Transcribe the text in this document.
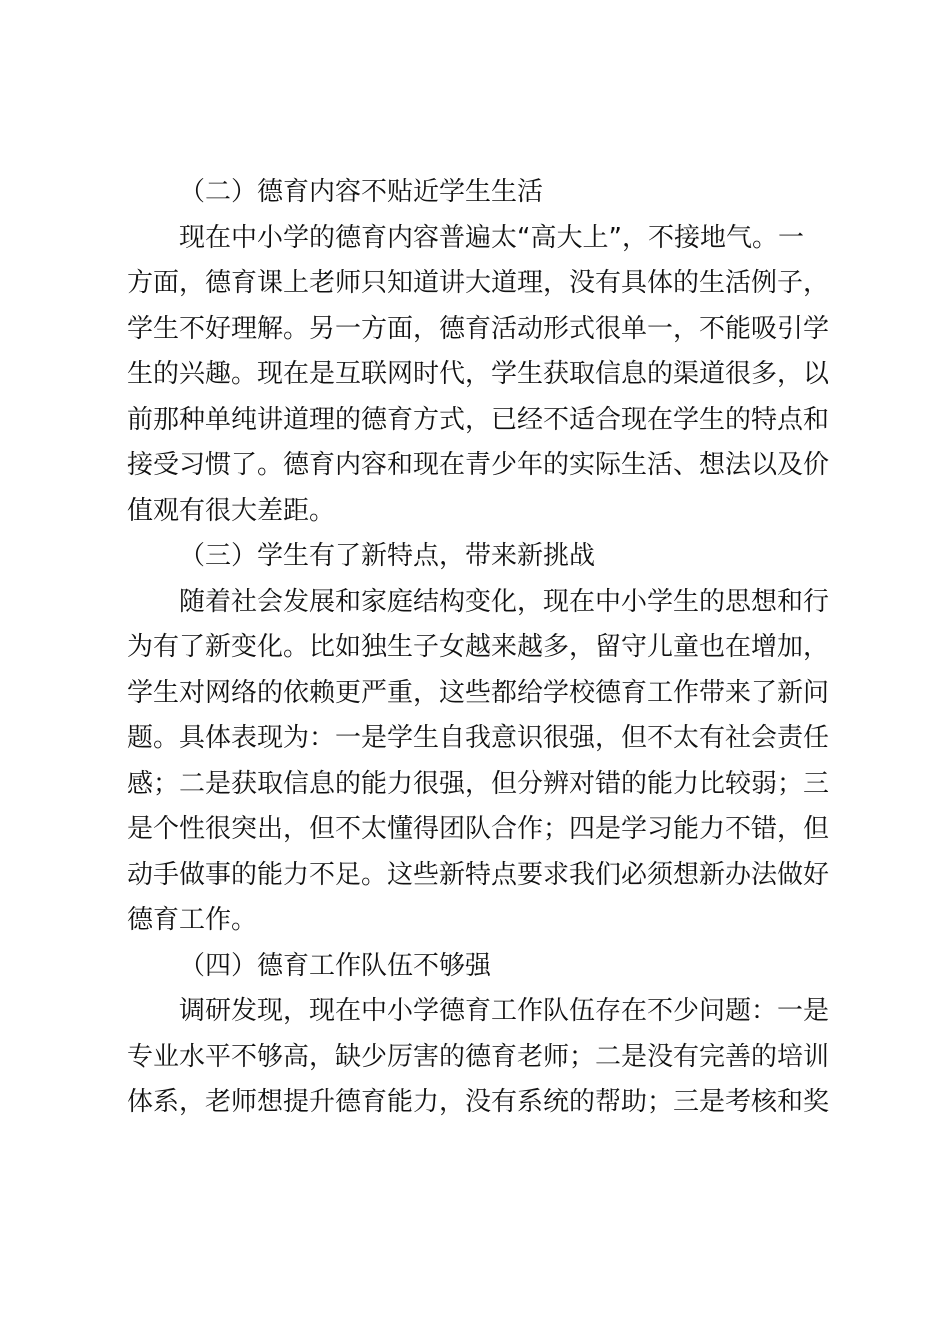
（二）德育内容不贴近学生生活
现在中小学的德育内容普遍太“高大上”，不接地气。一
方面，德育课上老师只知道讲大道理，没有具体的生活例子，
学生不好理解。另一方面，德育活动形式很单一，不能吸引学
生的兴趣。现在是互联网时代，学生获取信息的渠道很多，以
前那种单纯讲道理的德育方式，已经不适合现在学生的特点和
接受习惯了。德育内容和现在青少年的实际生活、想法以及价
值观有很大差距。
（三）学生有了新特点，带来新挑战
随着社会发展和家庭结构变化，现在中小学生的思想和行
为有了新变化。比如独生子女越来越多，留守儿童也在增加，
学生对网络的依赖更严重，这些都给学校德育工作带来了新问
题。具体表现为：一是学生自我意识很强，但不太有社会责任
感；二是获取信息的能力很强，但分辨对错的能力比较弱；三
是个性很突出，但不太懂得团队合作；四是学习能力不错，但
动手做事的能力不足。这些新特点要求我们必须想新办法做好
德育工作。
（四）德育工作队伍不够强
调研发现，现在中小学德育工作队伍存在不少问题：一是
专业水平不够高，缺少厉害的德育老师；二是没有完善的培训
体系，老师想提升德育能力，没有系统的帮助；三是考核和奖
